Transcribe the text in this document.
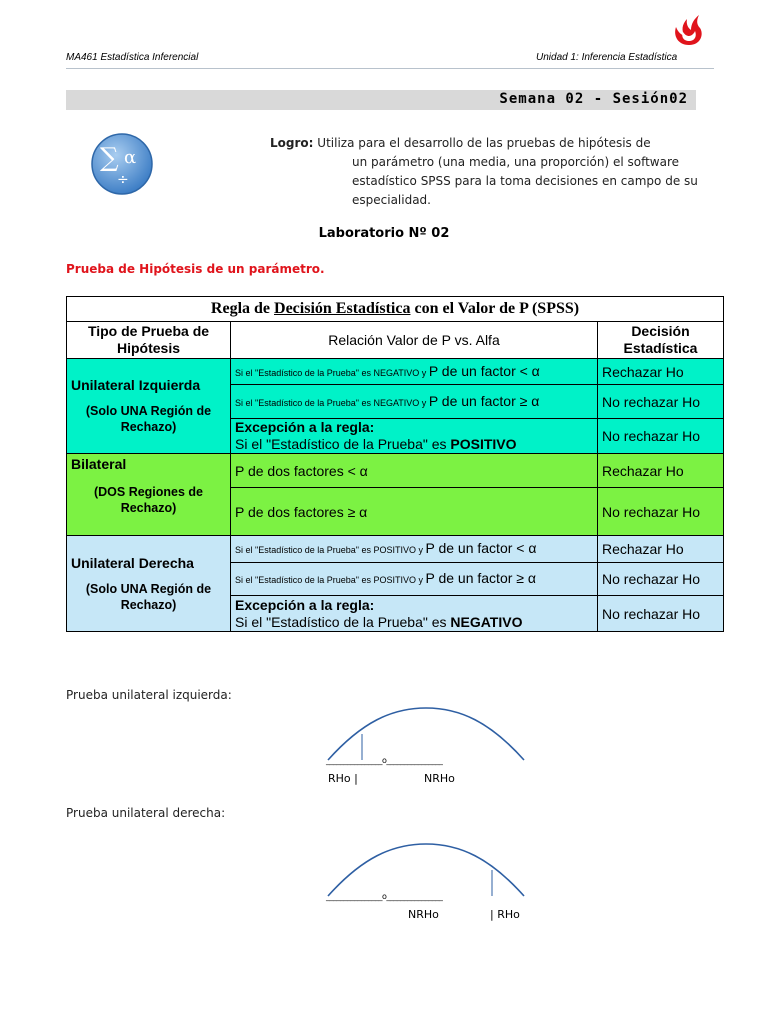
MA461 Estadística Inferencial	Unidad 1: Inferencia Estadística
Semana 02 - Sesión02
∑ α
÷
Logro: Utiliza para el desarrollo de las pruebas de hipótesis de
un parámetro (una media, una proporción) el software estadístico SPSS para la toma decisiones en campo de su especialidad.
Laboratorio Nº 02
Prueba de Hipótesis de un parámetro.
Regla de Decisión Estadística con el Valor de P (SPSS)		
Tipo de Prueba de Hipótesis	Relación Valor de P vs. Alfa	Decisión Estadística

Unilateral Izquierda
(Solo UNA Región de Rechazo)	Si el "Estadístico de la Prueba" es NEGATIVO y P de un factor < α	Rechazar Ho
	Si el "Estadístico de la Prueba" es NEGATIVO y P de un factor ≥ α	No rechazar Ho
	Excepción a la regla:
Si el "Estadístico de la Prueba" es POSITIVO	No rechazar Ho

Bilateral
(DOS Regiones de Rechazo)	P de dos factores < α	Rechazar Ho
	P de dos factores ≥ α	No rechazar Ho

Unilateral Derecha
(Solo UNA Región de Rechazo)	Si el "Estadístico de la Prueba" es POSITIVO y P de un factor < α	Rechazar Ho
	Si el "Estadístico de la Prueba" es POSITIVO y P de un factor ≥ α	No rechazar Ho
	Excepción a la regla:
Si el "Estadístico de la Prueba" es NEGATIVO	No rechazar Ho
Prueba unilateral izquierda:
________________o________________
RHo |	NRHo
Prueba unilateral derecha:
________________o________________
NRHo	| RHo
